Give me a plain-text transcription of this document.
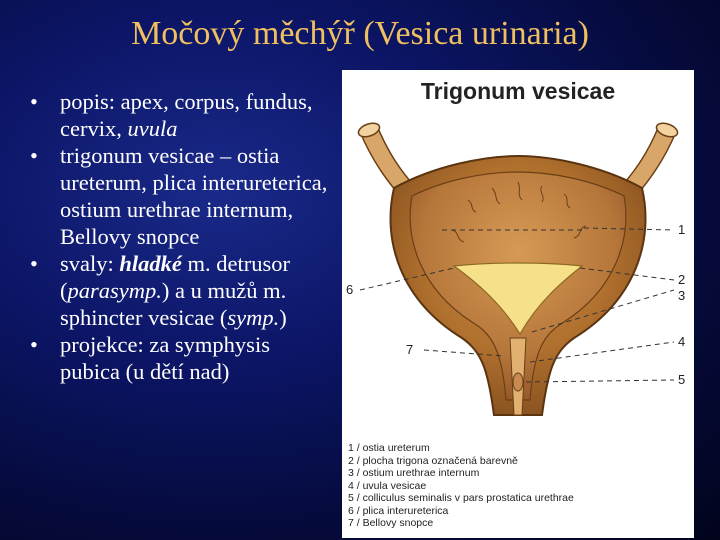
Močový měchýř (Vesica urinaria)
• popis: apex, corpus, fundus, cervix, uvula
• trigonum vesicae – ostia ureterum, plica interureterica, ostium urethrae internum, Bellovy snopce
• svaly: hladké m. detrusor (parasymp.) a u mužů m. sphincter vesicae (symp.)
• projekce: za symphysis pubica (u dětí nad)
1
2
3
4
5
6
7
Trigonum vesicae
1 / ostia ureterum
2 / plocha trigona označená barevně
3 / ostium urethrae internum
4 / uvula vesicae
5 / colliculus seminalis v pars prostatica urethrae
6 / plica interureterica
7 / Bellovy snopce
